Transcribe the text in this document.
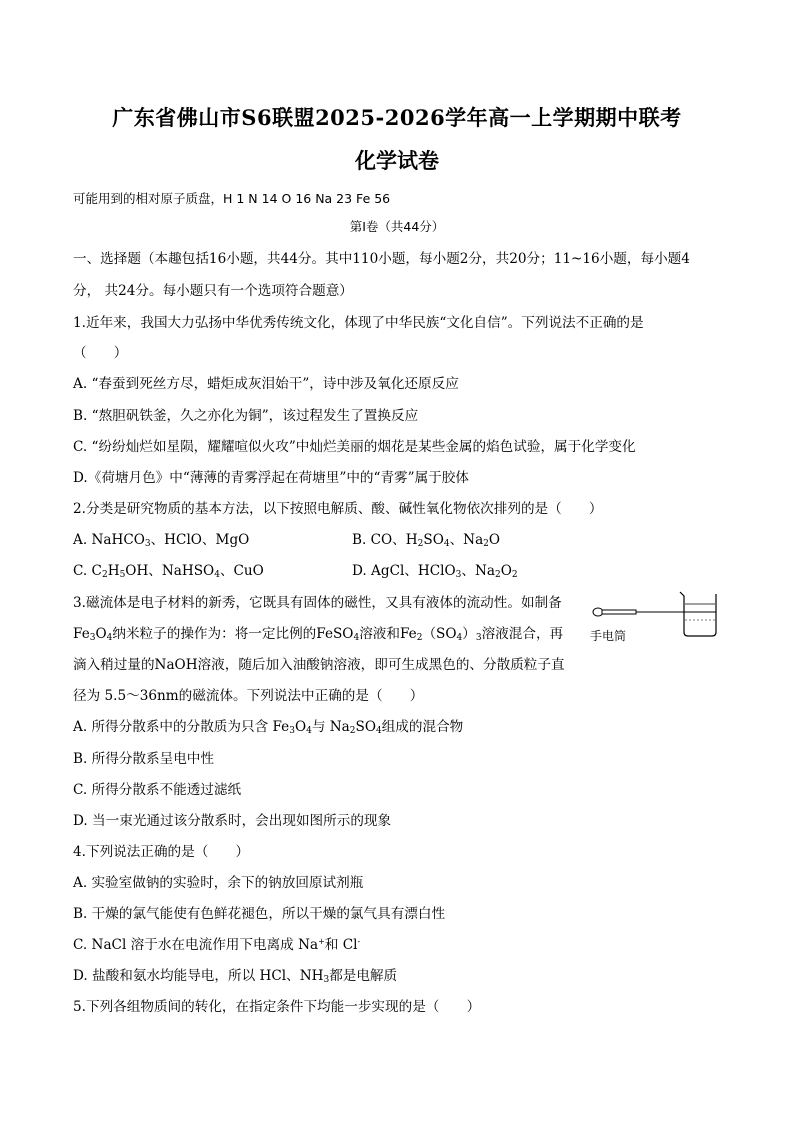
广东省佛山市S6联盟2025-2026学年高一上学期期中联考
化学试卷
可能用到的相对原子质盘，H 1 N 14 O 16 Na 23 Fe 56
第Ⅰ卷（共44分）
一、选择题（本趣包括16小题，共44分。其中110小题，每小题2分，共20分；11~16小题，每小题4
分， 共24分。每小题只有一个选项符合题意）
1.近年来，我国大力弘扬中华优秀传统文化，体现了中华民族“文化自信”。下列说法不正确的是
（　　）
A. “春蚕到死丝方尽，蜡炬成灰泪始干”，诗中涉及氧化还原反应
B. “熬胆矾铁釜，久之亦化为铜”，该过程发生了置换反应
C. “纷纷灿烂如星陨，耀耀喧似火攻”中灿烂美丽的烟花是某些金属的焰色试验，属于化学变化
D.《荷塘月色》中“薄薄的青雾浮起在荷塘里”中的“青雾”属于胶体
2.分类是研究物质的基本方法，以下按照电解质、酸、碱性氧化物依次排列的是（　　）
A. NaHCO$_3$、HClO、MgO	B. CO、$H_2SO_4$、$Na_2O$
C. $C_2H_5OH$、NaHSO$_4$、CuO	D. AgCl、HClO$_3$、$Na_2O_2$
3.磁流体是电子材料的新秀，它既具有固体的磁性，又具有液体的流动性。如制备
$Fe_3O_4$纳米粒子的操作为：将一定比例的FeSO$_4$溶液和$Fe_2(SO_4)_3$溶液混合，再
滴入稍过量的NaOH溶液，随后加入油酸钠溶液，即可生成黑色的、分散质粒子直
径为 5.5～36nm的磁流体。下列说法中正确的是（　　）
A. 所得分散系中的分散质为只含 $Fe_3O_4$与 $Na_2SO_4$组成的混合物
B. 所得分散系呈电中性
C. 所得分散系不能透过滤纸
D. 当一束光通过该分散系时，会出现如图所示的现象
手电筒
4.下列说法正确的是（　　）
A. 实验室做钠的实验时，余下的钠放回原试剂瓶
B. 干燥的氯气能使有色鲜花褪色，所以干燥的氯气具有漂白性
C. NaCl 溶于水在电流作用下电离成 Na+和 Cl-
D. 盐酸和氨水均能导电，所以 HCl、$NH_3$都是电解质
5.下列各组物质间的转化，在指定条件下均能一步实现的是（　　）
